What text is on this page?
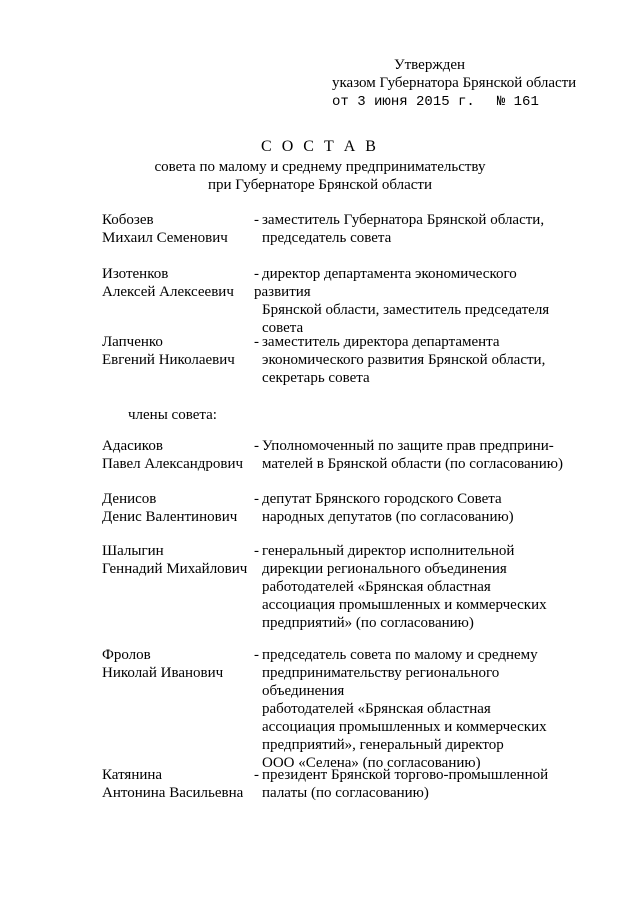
Утвержден
указом Губернатора Брянской области
от 3 июня 2015 г. № 161
С О С Т А В
совета по малому и среднему предпринимательству
при Губернаторе Брянской области
члены совета:
Кобозев
Михаил Семенович
- заместитель Губернатора Брянской области,
председатель совета
Изотенков
Алексей Алексеевич
- директор департамента экономического развития
Брянской области, заместитель председателя
совета
Лапченко
Евгений Николаевич
- заместитель директора департамента
экономического развития Брянской области,
секретарь совета
Адасиков
Павел Александрович
- Уполномоченный по защите прав предприни-
мателей в Брянской области (по согласованию)
Денисов
Денис Валентинович
- депутат Брянского городского Совета
народных депутатов (по согласованию)
Шалыгин
Геннадий Михайлович
- генеральный директор исполнительной
дирекции регионального объединения
работодателей «Брянская областная
ассоциация промышленных и коммерческих
предприятий» (по согласованию)
Фролов
Николай Иванович
- председатель совета по малому и среднему
предпринимательству регионального объединения
работодателей «Брянская областная
ассоциация промышленных и коммерческих
предприятий», генеральный директор
ООО «Селена» (по согласованию)
Катянина
Антонина Васильевна
- президент Брянской торгово-промышленной
палаты (по согласованию)
